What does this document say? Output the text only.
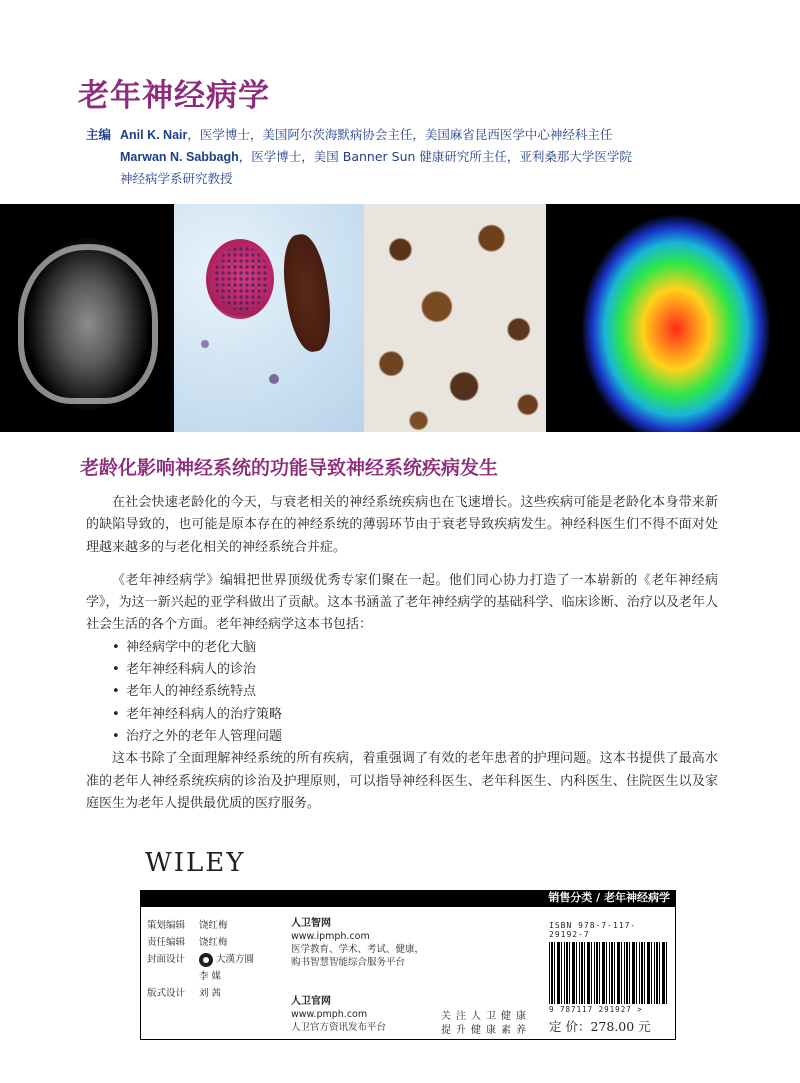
老年神经病学
主编 Anil K. Nair，医学博士，美国阿尔茨海默病协会主任，美国麻省昆西医学中心神经科主任
Marwan N. Sabbagh，医学博士，美国 Banner Sun 健康研究所主任，亚利桑那大学医学院
神经病学系研究教授
老龄化影响神经系统的功能导致神经系统疾病发生

在社会快速老龄化的今天，与衰老相关的神经系统疾病也在飞速增长。这些疾病可能是老龄化本身带来新的缺陷导致的，也可能是原本存在的神经系统的薄弱环节由于衰老导致疾病发生。神经科医生们不得不面对处理越来越多的与老化相关的神经系统合并症。

《老年神经病学》编辑把世界顶级优秀专家们聚在一起。他们同心协力打造了一本崭新的《老年神经病学》，为这一新兴起的亚学科做出了贡献。这本书涵盖了老年神经病学的基础科学、临床诊断、治疗以及老年人社会生活的各个方面。老年神经病学这本书包括：

• 神经病学中的老化大脑
• 老年神经科病人的诊治
• 老年人的神经系统特点
• 老年神经科病人的治疗策略
• 治疗之外的老年人管理问题

这本书除了全面理解神经系统的所有疾病，着重强调了有效的老年患者的护理问题。这本书提供了最高水准的老年人神经系统疾病的诊治及护理原则，可以指导神经科医生、老年科医生、内科医生、住院医生以及家庭医生为老年人提供最优质的医疗服务。

WILEY
销售分类 / 老年神经病学
策划编辑	饶红梅
责任编辑	饶红梅
封面设计	大漢方圓
李 媒
版式设计	刘 茜
人卫智网
www.ipmph.com
医学教育、学术、考试、健康，
购书智慧智能综合服务平台
人卫官网
www.pmph.com
人卫官方资讯发布平台
关注人卫健康
提升健康素养
ISBN 978-7-117-29192-7
9 787117 291927 >
定 价：278.00 元
